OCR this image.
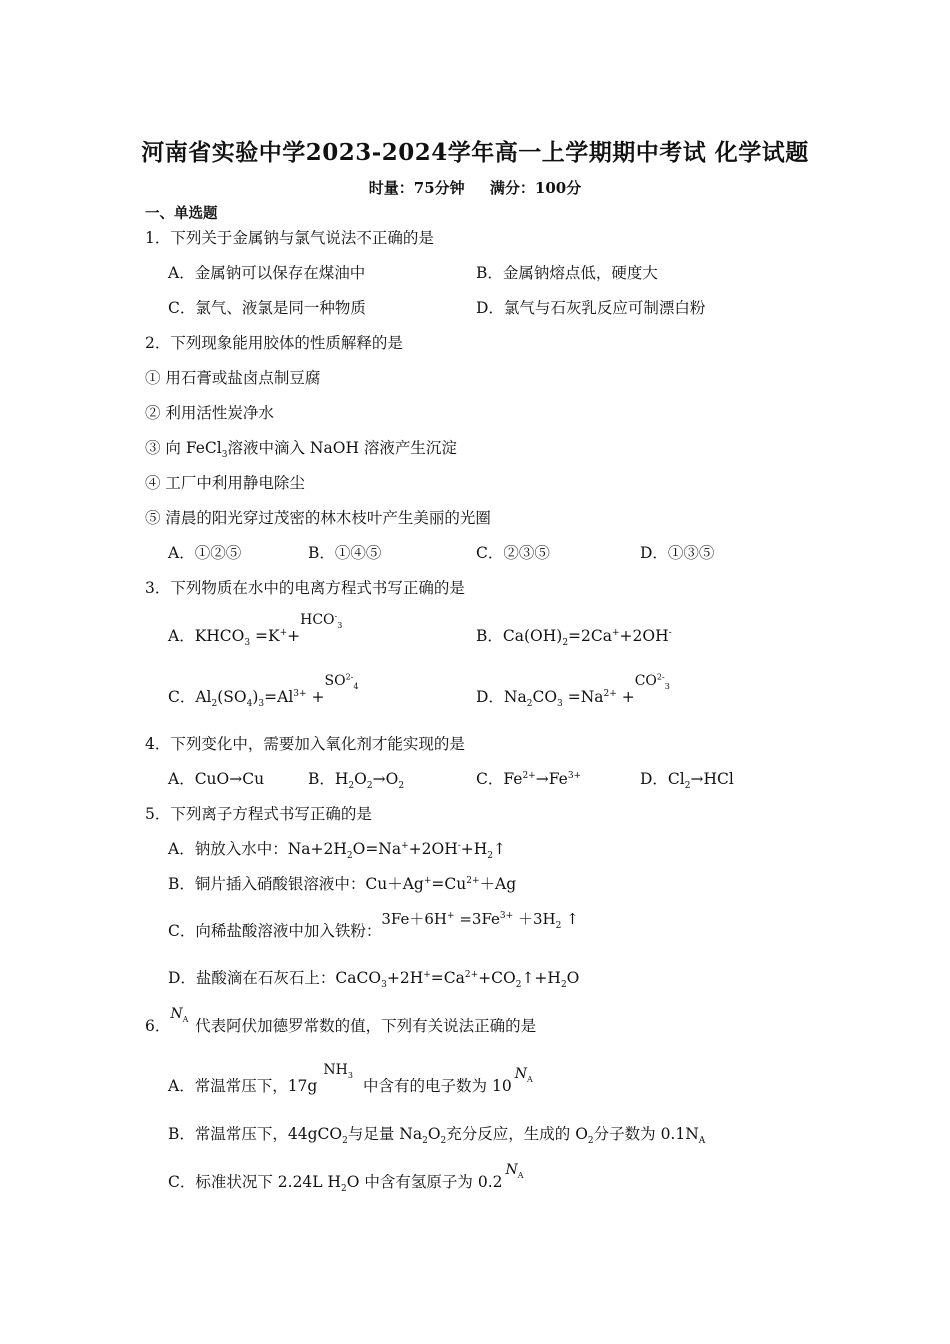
河南省实验中学2023-2024学年高一上学期期中考试 化学试题
时量：75分钟 满分：100分
一、单选题
1．下列关于金属钠与氯气说法不正确的是
A．金属钠可以保存在煤油中	B．金属钠熔点低，硬度大
C．氯气、液氯是同一种物质	D．氯气与石灰乳反应可制漂白粉
2．下列现象能用胶体的性质解释的是
① 用石膏或盐卤点制豆腐
② 利用活性炭净水
③ 向 FeCl$_3$溶液中滴入 NaOH 溶液产生沉淀
④ 工厂中利用静电除尘
⑤ 清晨的阳光穿过茂密的林木枝叶产生美丽的光圈
A．①②⑤	B．①④⑤	C．②③⑤	D．①③⑤
3．下列物质在水中的电离方程式书写正确的是
A．$KHCO_3 =K^++$
$HCO^-_3$
B．$Ca(OH)_2=2Ca^++2OH^-$
C．$Al_2(SO_4)_3=Al^{3+}$ +
$SO^{2-}_4$
D．$Na_2CO_3 =Na^{2+}$ +
$CO^{2-}_3$
4．下列变化中，需要加入氧化剂才能实现的是
A．CuO→Cu	B．$H_2O_2\to O_2$	C．$Fe^{2+}\to Fe^{3+}$	D．$Cl_2\to HCl$
5．下列离子方程式书写正确的是
A．钠放入水中：$Na+2H_2O=Na^++2OH^-+H_2↑$
B．铜片插入硝酸银溶液中：$Cu+Ag^+=Cu^{2+}+Ag$
C．向稀盐酸溶液中加入铁粉：$3Fe+6H^+ =3Fe^{3+} +3H_2$ ↑
D．盐酸滴在石灰石上：$CaCO_3+2H^+=Ca^{2+}+CO_2↑+H_2O$
6．
$N_A$ 代表阿伏加德罗常数的值，下列有关说法正确的是
A．常温常压下，17g
$NH_3$
中含有的电子数为 10
$N_A$
B．常温常压下，44gCO$_2$与足量 $Na_2O_2$充分反应，生成的 $O_2$分子数为 $0.1N_A$
C．标准状况下 2.24L $H_2O$ 中含有氢原子为 0.2
$N_A$
